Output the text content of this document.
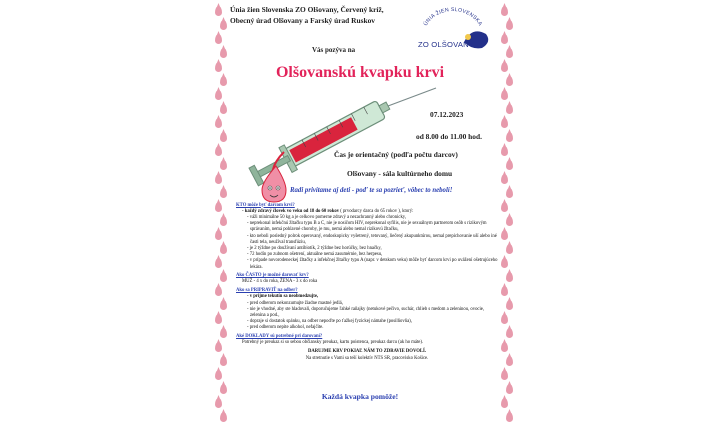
Únia žien Slovenska ZO Olšovany, Červený kríž,
Obecný úrad Olšovany a Farský úrad Ruskov
Vás pozýva na
ÚNIA ŽIEN SLOVENSKA
ZO OLŠOVANY
Olšovanskú kvapku krvi
07.12.2023
od 8.00 do 11.00 hod.
Čas je orientačný (podľa počtu darcov)
Olšovany - sála kultúrneho domu
Radi privítame aj deti - poď te sa pozrieť, vôbec to nebolí!
KTO môže byť darcom krvi?
- každý zdravý človek vo veku od 18 do 60 rokov ( prvodarcy darca do 65 rokov ), ktorý:
- váži minimálne 50 kg a je celkovo pomerne zdravý a nezachranný alebo chronicky,
- neprekonal infekčnú žltačku typu B a C, nie je nosičom HIV, neprekonal syfilis, nie je sexuálnym partnerom osôb s rizikovým správaním, nemá pohlavné choroby, je mu, nemá alebo nemal rizikovú žltačku,
- kto neboli posledný polrok operovaný, endoskopicky vyšetrený, tetovaný, liečený akupunktúrou, nemal prepichovanie uší alebo iné časti tela, neužíval transfúziu,
- je 2 týždne po doužívaní antibiotík, 2 týždne bez horúčky, bez hnačky,
- 72 hodín po zubnom ošetrení, aktuálne nemá zasumérnie, bez herpesu,
- v prípade novorodeneckej žltačky a infekčnej žltačky typu A (napr. v detskom veku) môže byť darcom krvi po uvážení ošetrujúceho lekára.
Ako ČASTO je možné darovať krv?
MUŽ - 4 x do roka, ŽENA - 3 x do roka
Ako sa PRIPRAVIŤ na odber?
- v prijme tekutín sa neobmedzujte,
- pred odberom nekonzumujte žiadne mastné jedlá,
- nie je vhodné, aby ste hladovali, doporučujeme ľahké raňajky (netukové pečivo, suchár, chlieb s medom a zeleninou, ovocie, zelenina a pod.,
- dopraje si dostatok spánku, na odber nepoďte po ťažkej fyzickej námahe (posilňovňa),
- pred odberom nepite alkohol, nefajčite.
Aké DOKLADY sú potrebné pri darovaní?
Potrebný je preukaz si so sebou občiansky preukaz, kartu poistenca, preukaz darcu (ak ho máte).
DARUJME KRV POKIAĽ NÁM TO ZDRAVIE DOVOLÍ.
Na stretnutie s Vami sa teší kolektív NTS SR, pracovisko Košice.
Každá kvapka pomôže!
